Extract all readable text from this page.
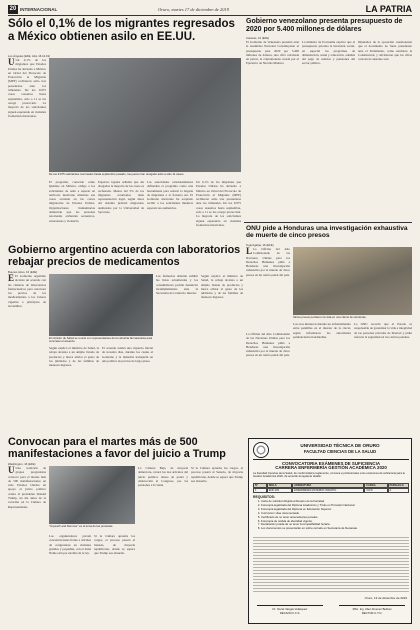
20 INTERNACIONAL	Oruro, martes 17 de diciembre de 2019	LA PATRIA
Sólo el 0,1% de los migrantes regresados a México obtienen asilo en EE.UU.
Los Ángeles (EFE, AGL 16.12.19)
U Un 0,1% de los migrantes que Estados Unidos ha devuelto a México en virtud del Protocolo de Protección al Migrante (MPP) recibieron asilo tras presentarse ante los tribunales. De los 9.975 casos resueltos hasta septiembre, sólo a 11 se les otorgó protección. La mayoría de los solicitantes siguen esperando en ciudades fronterizas mexicanas.
De los 9.975 solicitantes retornados hasta septiembre pasado, los jueces han otorgado asilo a sólo 11 casos.
El programa, conocido como Quédate en México, obliga a los solicitantes de asilo a esperar en territorio mexicano mientras sus casos avanzan en las cortes migratorias de Estados Unidos. Organizaciones humanitarias denuncian que las personas retornadas enfrentan secuestros, extorsiones y violencia.
Expertos legales señalan que sin abogados la mayoría de los casos es rechazada. Menos del 5% de los migrantes retornados tiene representación legal, según datos del sistema judicial migratorio analizados por la Universidad de Syracuse.
Las autoridades estadounidenses defienden el programa como una herramienta para reducir la llegada de migrantes a la frontera sur. El Gobierno mexicano ha aceptado recibir a los solicitantes mientras esperan sus audiencias.
Un 0,1% de los migrantes que Estados Unidos ha devuelto a México en virtud del Protocolo de Protección al Migrante (MPP) recibieron asilo tras presentarse ante los tribunales. De los 9.975 casos resueltos hasta septiembre, sólo a 11 se les otorgó protección. La mayoría de los solicitantes siguen esperando en ciudades fronterizas mexicanas.
Gobierno venezolano presenta presupuesto de 2020 por 5.400 millones de dólares
Caracas, 16 (EFE)
El Gobierno de Venezuela presentó ante la Asamblea Nacional Constituyente el presupuesto para 2020 por 5.400 millones de dólares, una cifra calculada en petros, la criptomoneda creada por el Ejecutivo de Nicolás Maduro.
La ministra de Economía explicó que el presupuesto prioriza la inversión social, en especial los programas de alimentación, salud y educación, además del pago de salarios y pensiones del sector público.
Diputados de la oposición cuestionaron que el documento no fuera presentado ante el Parlamento, como establece la Constitución, y advirtieron que las cifras carecen de sustento real.
ONU pide a Honduras una investigación exhaustiva de muerte de cinco presos
Tegucigalpa, 16 (EFE)
L La Oficina del Alto Comisionado de las Naciones Unidas para los Derechos Humanos pidió a Honduras una investigación exhaustiva por la muerte de cinco presos en un centro penal del país.
Varios presos perdieron la vida en una cárcel de Honduras.
La Oficina del Alto Comisionado de las Naciones Unidas para los Derechos Humanos pidió a Honduras una investigación exhaustiva por la muerte de cinco presos en un centro penal del país.
Los reos murieron durante un enfrentamiento entre pandillas en el interior de la cárcel, según informaron las autoridades penitenciarias hondureñas.
La ONU recordó que el Estado es responsable de garantizar la vida e integridad de las personas privadas de libertad y pidió reforzar la seguridad en los centros penales.
Gobierno argentino acuerda con laboratorios rebajar precios de medicamentos
Buenos Aires, 16 (EFE)
E El Gobierno argentino alcanzó un acuerdo con las cámaras de laboratorios farmacéuticos para retrotraer los precios de los medicamentos a los valores vigentes a principios de noviembre.
El ministro de Salud se reunió con representantes de la industria farmacéutica para concretar el acuerdo.
Según explicó el ministro de Salud, la rebaja alcanza a un amplio listado de productos y busca aliviar el gasto de los jubilados y de las familias de menores ingresos.
El acuerdo tendrá una vigencia inicial de noventa días, durante los cuales el Gobierno y la industria trabajarán en una política de precios de largo plazo.
Las farmacias deberán exhibir las listas actualizadas y los consumidores podrán denunciar incumplimientos ante la Secretaría de Comercio Interior.
Según explicó el ministro de Salud, la rebaja alcanza a un amplio listado de productos y busca aliviar el gasto de los jubilados y de las familias de menores ingresos.
Convocan para el martes más de 500 manifestaciones a favor del juicio a Trump
Washington, 16 (EFE)
U Una coalición de grupos progresistas convocó para el martes más de 500 manifestaciones en todo Estados Unidos en apoyo al juicio político contra el presidente Donald Trump, un día antes de la votación en la Cámara de Representantes.
"Impeach and Remove" es el lema de las protestas.
Los organizadores prevén concentraciones frente a oficinas de congresistas en ciudades grandes y pequeñas, con el lema Nadie está por encima de la ley.
Si la Cámara aprueba los cargos, el proceso pasará al Senado, de mayoría republicana, donde se espera que Trump sea absuelto.
La Cámara Baja, de mayoría demócrata, votará los dos artículos del juicio político: abuso de poder y obstrucción al Congreso, por las presiones a Ucrania.
Si la Cámara aprueba los cargos, el proceso pasará al Senado, de mayoría republicana, donde se espera que Trump sea absuelto.
UNIVERSIDAD TÉCNICA DE ORURO
FACULTAD CIENCIAS DE LA SALUD
CONVOCATORIA EXÁMENES DE SUFICIENCIA
CARRERA ENFERMERÍA GESTIÓN ACADÉMICA 2020
La Facultad Ciencias de la Salud, de conformidad a reglamento, convoca a profesionales a los exámenes de suficiencia para la Gestión Académica 2020, de acuerdo al siguiente detalle:
Nº	SIGLA	ASIGNATURA	CARGA	PARALELO
1	ENF 403	ENFERMERÍA MATERNO INFANTIL	4 H/S	A
REQUISITOS:
1. Carta de solicitud dirigida al Decano de la Facultad.
2. Fotocopia legalizada del Diploma Académico y Título en Provisión Nacional.
3. Fotocopia legalizada del Diploma en Educación Superior.
4. Currículum vitae documentado.
5. Certificado de no tener antecedentes penales.
6. Fotocopia de cédula de identidad vigente.
7. Declaración jurada de no tener incompatibilidad horaria.
8. Los documentos se presentarán en sobre cerrado en Secretaría de Decanato.
Oruro, 13 de diciembre de 2019
Dr. Oscar Vargas Velásquez
DECANO F.C.S.
MSc. Ing. Abel Jimenez Beltran
RECTOR U.T.O.
